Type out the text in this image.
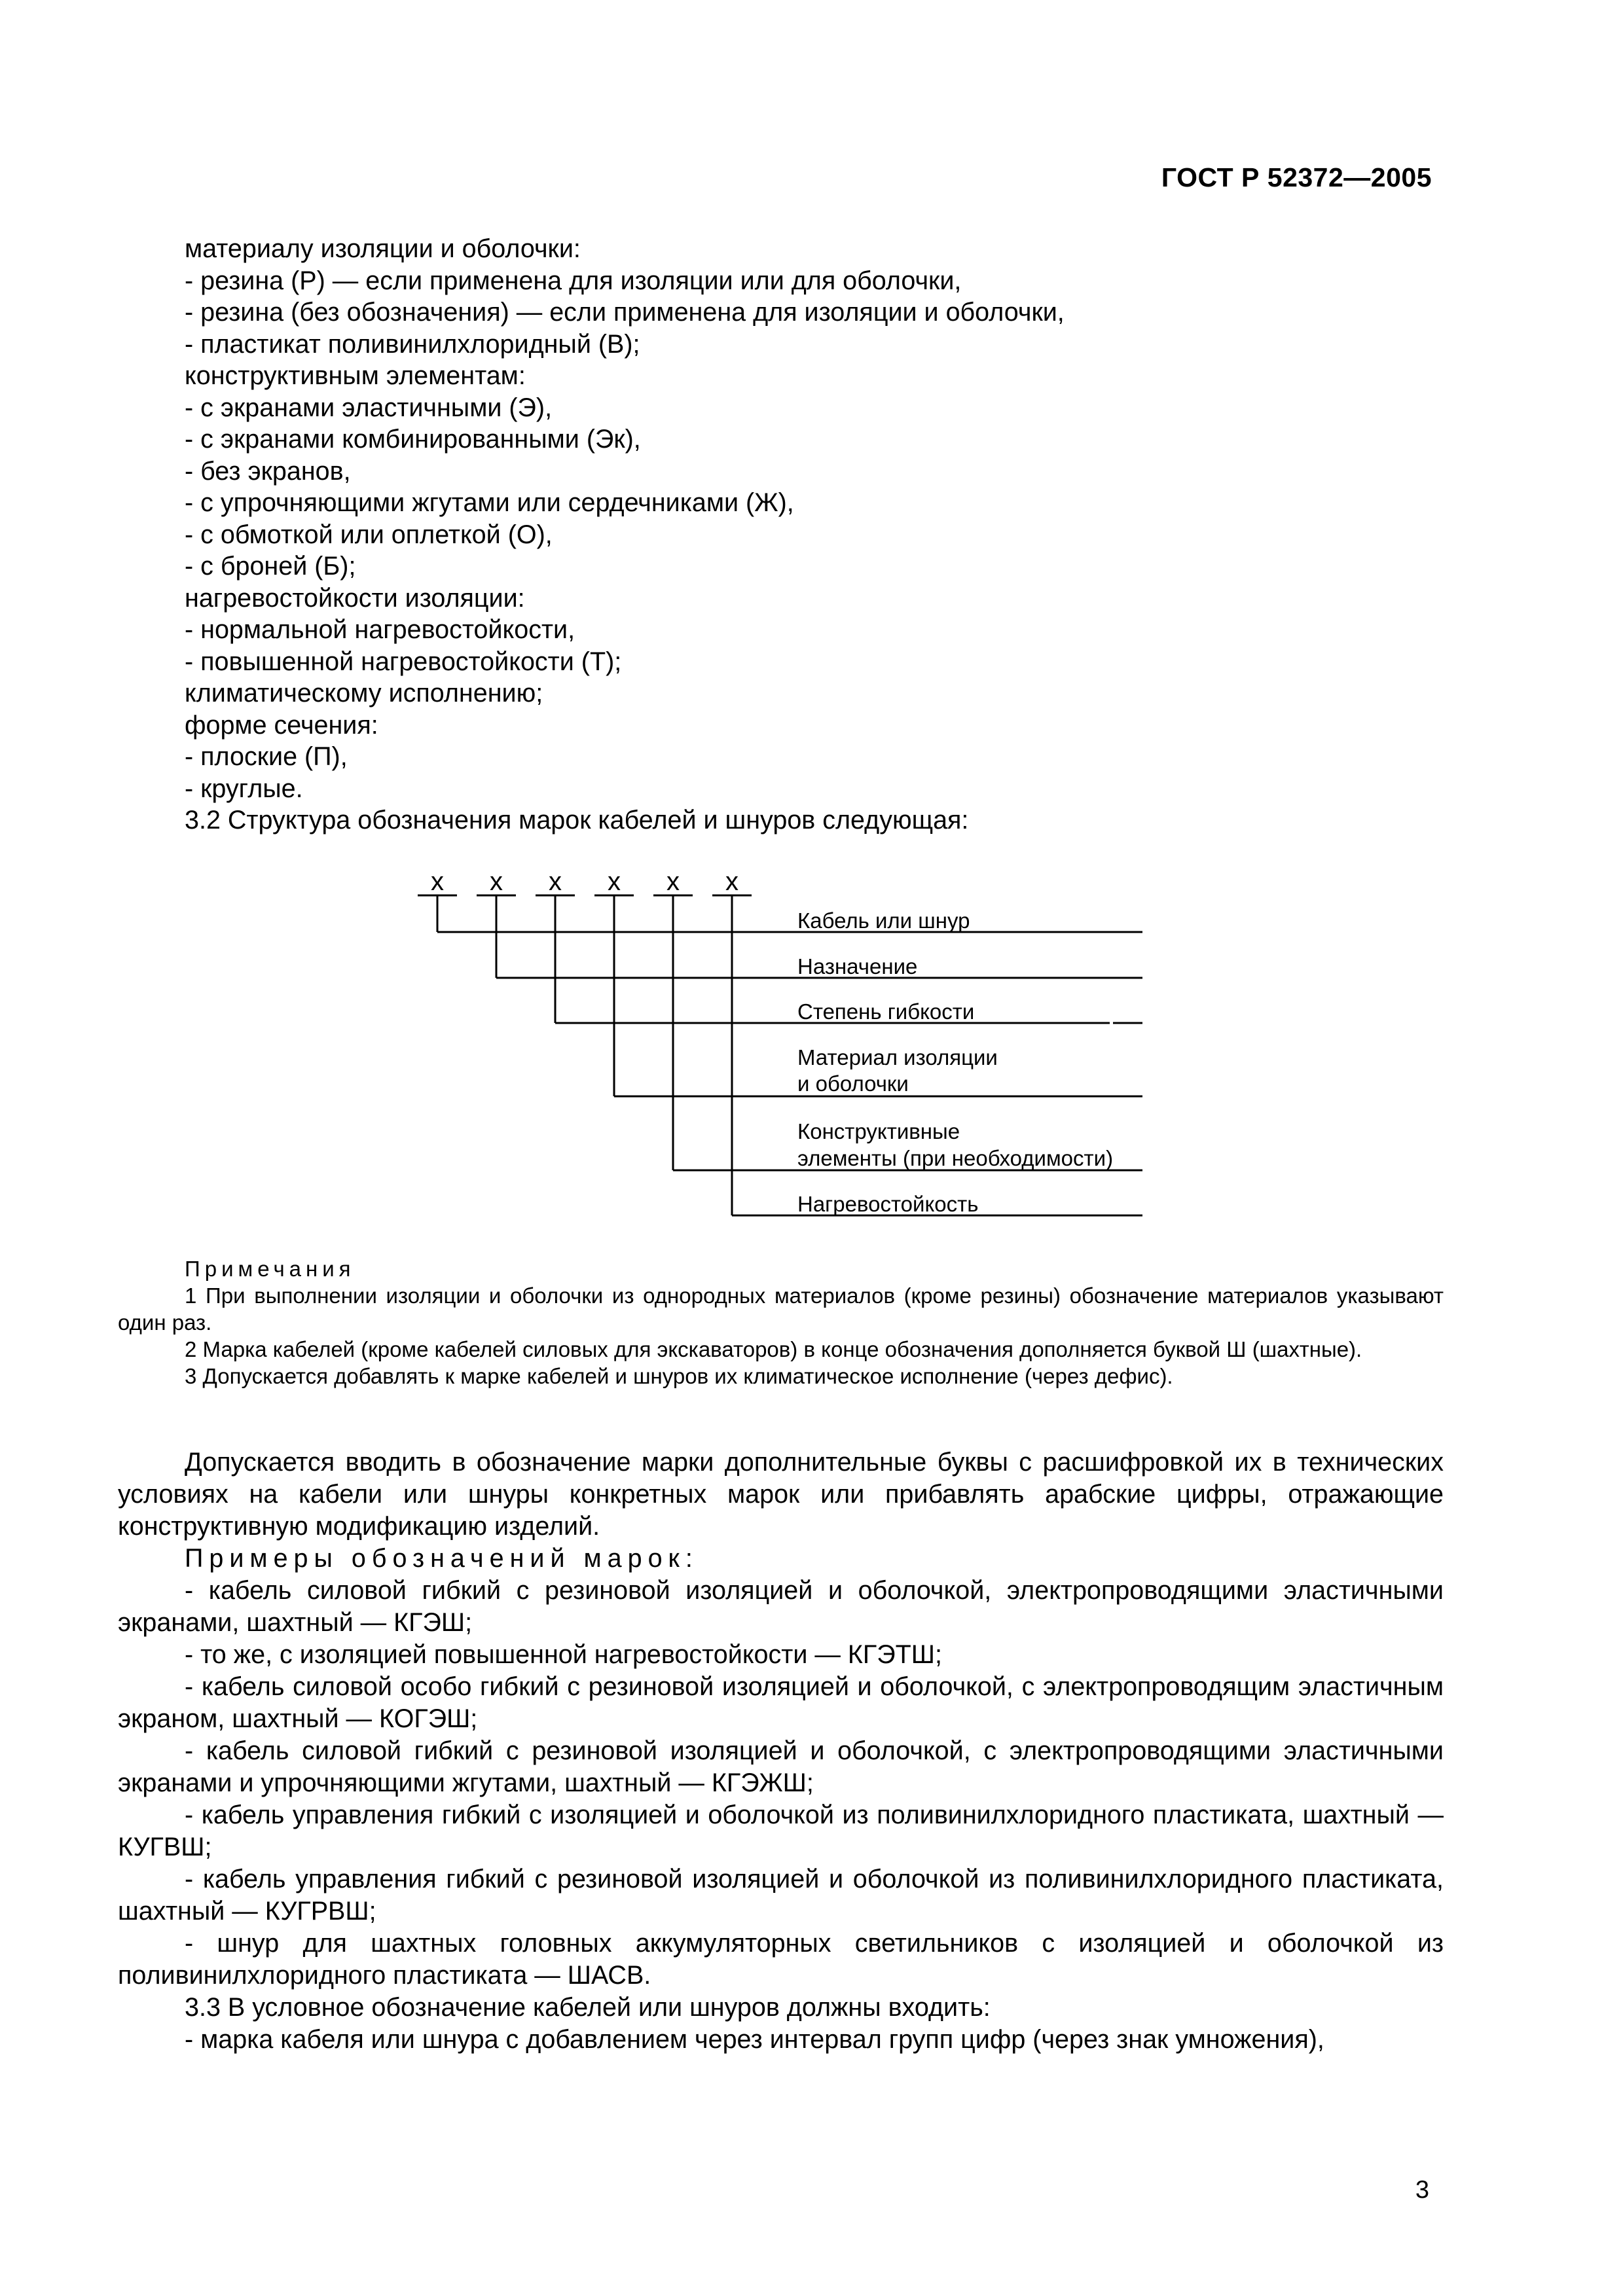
ГОСТ Р 52372—2005
материалу изоляции и оболочки:
- резина (Р) — если применена для изоляции или для оболочки,
- резина (без обозначения) — если применена для изоляции и оболочки,
- пластикат поливинилхлоридный (В);
конструктивным элементам:
- с экранами эластичными (Э),
- с экранами комбинированными (Эк),
- без экранов,
- с упрочняющими жгутами или сердечниками (Ж),
- с обмоткой или оплеткой (О),
- с броней (Б);
нагревостойкости изоляции:
- нормальной нагревостойкости,
- повышенной нагревостойкости (Т);
климатическому исполнению;
форме сечения:
- плоские (П),
- круглые.
3.2 Структура обозначения марок кабелей и шнуров следующая:
х х х х х х
Кабель или шнур
Назначение
Степень гибкости
Материал изоляции
и оболочки
Конструктивные
элементы (при необходимости)
Нагревостойкость
Примечания

1 При выполнении изоляции и оболочки из однородных материалов (кроме резины) обозначение материалов указывают один раз.

2 Марка кабелей (кроме кабелей силовых для экскаваторов) в конце обозначения дополняется буквой Ш (шахтные).

3 Допускается добавлять к марке кабелей и шнуров их климатическое исполнение (через дефис).

Допускается вводить в обозначение марки дополнительные буквы с расшифровкой их в технических условиях на кабели или шнуры конкретных марок или прибавлять арабские цифры, отражающие конструктивную модификацию изделий.

Примеры обозначений марок:

- кабель силовой гибкий с резиновой изоляцией и оболочкой, электропроводящими эластичными экранами, шахтный — КГЭШ;

- то же, с изоляцией повышенной нагревостойкости — КГЭТШ;

- кабель силовой особо гибкий с резиновой изоляцией и оболочкой, с электропроводящим эластичным экраном, шахтный — КОГЭШ;

- кабель силовой гибкий с резиновой изоляцией и оболочкой, с электропроводящими эластичными экранами и упрочняющими жгутами, шахтный — КГЭЖШ;

- кабель управления гибкий с изоляцией и оболочкой из поливинилхлоридного пластиката, шахтный — КУГВШ;

- кабель управления гибкий с резиновой изоляцией и оболочкой из поливинилхлоридного пластиката, шахтный — КУГРВШ;

- шнур для шахтных головных аккумуляторных светильников с изоляцией и оболочкой из поливинилхлоридного пластиката — ШАСВ.

3.3 В условное обозначение кабелей или шнуров должны входить:

- марка кабеля или шнура с добавлением через интервал групп цифр (через знак умножения),

3
